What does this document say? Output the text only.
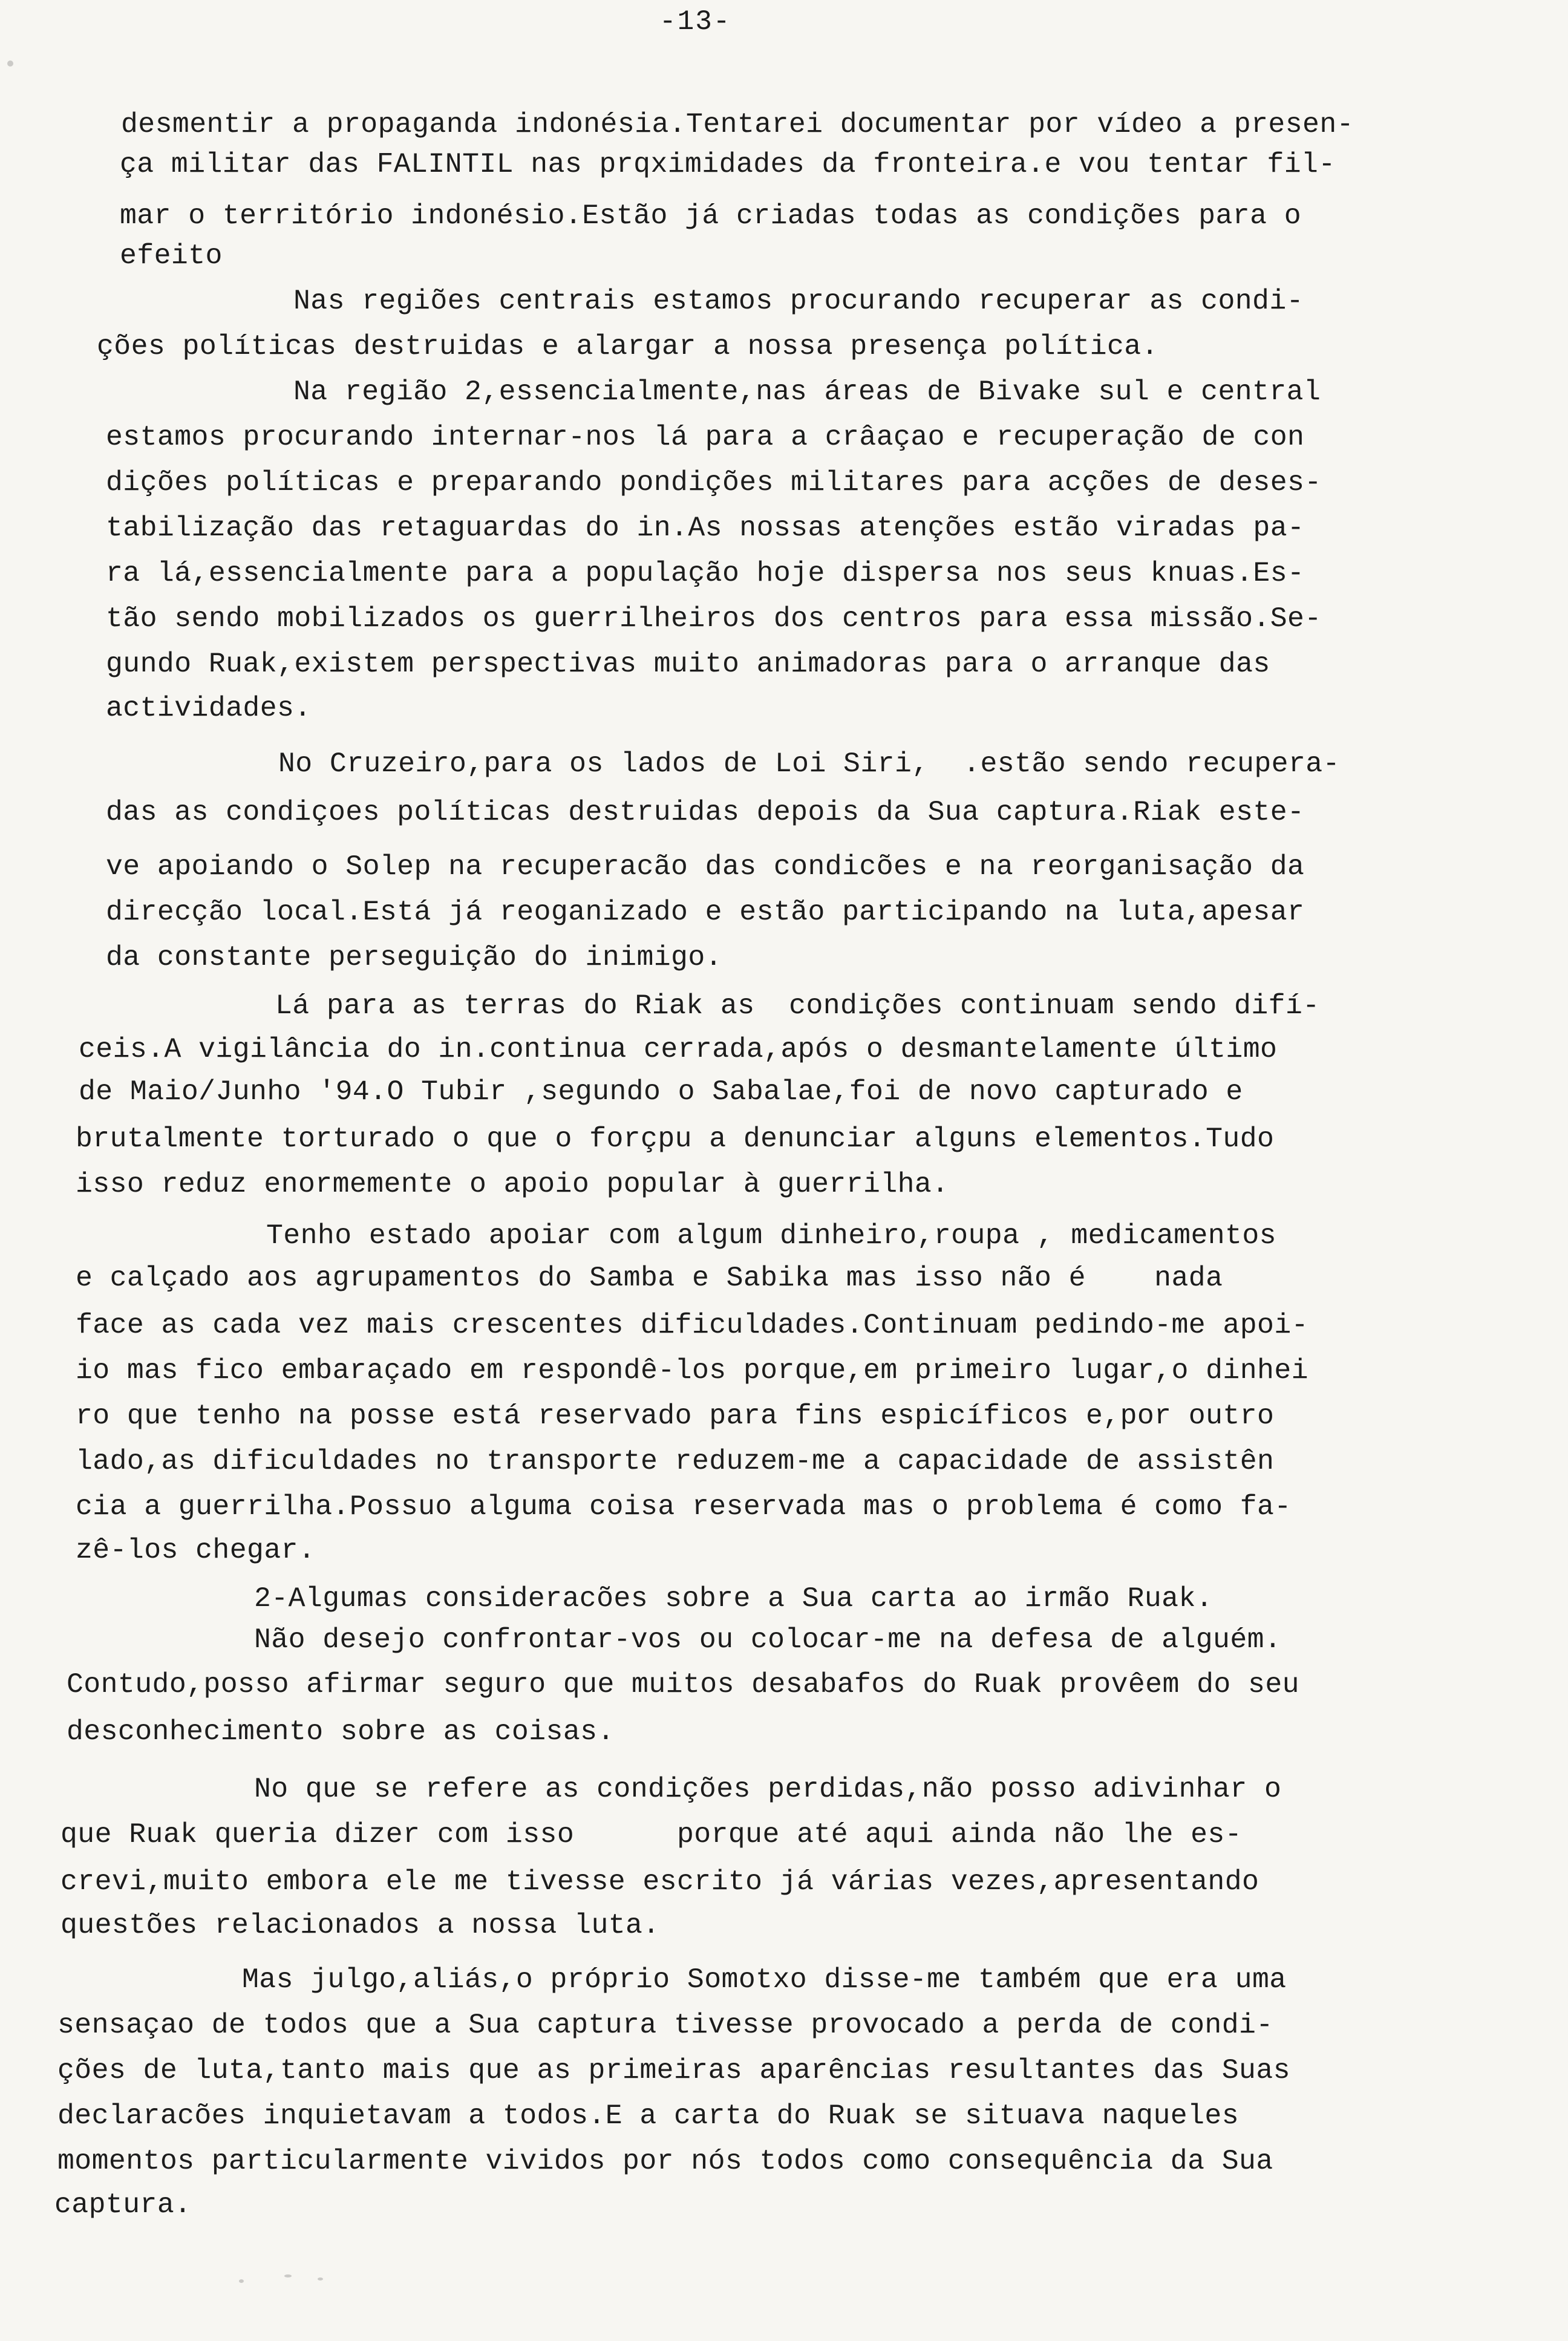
-13-
desmentir a propaganda indonésia.Tentarei documentar por vídeo a presen-
ça militar das FALINTIL nas prqximidades da fronteira.e vou tentar fil-
mar o território indonésio.Estão já criadas todas as condições para o
efeito
Nas regiões centrais estamos procurando recuperar as condi-
ções políticas destruidas e alargar a nossa presença política.
Na região 2,essencialmente,nas áreas de Bivake sul e central
estamos procurando internar-nos lá para a crâaçao e recuperação de con
dições políticas e preparando pondições militares para acções de deses-
tabilização das retaguardas do in.As nossas atenções estão viradas pa-
ra lá,essencialmente para a população hoje dispersa nos seus knuas.Es-
tão sendo mobilizados os guerrilheiros dos centros para essa missão.Se-
gundo Ruak,existem perspectivas muito animadoras para o arranque das
actividades.
No Cruzeiro,para os lados de Loi Siri,  .estão sendo recupera-
das as condiçoes políticas destruidas depois da Sua captura.Riak este-
ve apoiando o Solep na recuperacão das condicões e na reorganisação da
direcção local.Está já reoganizado e estão participando na luta,apesar
da constante perseguição do inimigo.
Lá para as terras do Riak as  condições continuam sendo difí-
ceis.A vigilância do in.continua cerrada,após o desmantelamente último
de Maio/Junho '94.O Tubir ,segundo o Sabalae,foi de novo capturado e
brutalmente torturado o que o forçpu a denunciar alguns elementos.Tudo
isso reduz enormemente o apoio popular à guerrilha.
Tenho estado apoiar com algum dinheiro,roupa , medicamentos
e calçado aos agrupamentos do Samba e Sabika mas isso não é    nada
face as cada vez mais crescentes dificuldades.Continuam pedindo-me apoi-
io mas fico embaraçado em respondê-los porque,em primeiro lugar,o dinhei
ro que tenho na posse está reservado para fins espicíficos e,por outro
lado,as dificuldades no transporte reduzem-me a capacidade de assistên
cia a guerrilha.Possuo alguma coisa reservada mas o problema é como fa-
zê-los chegar.
2-Algumas consideracões sobre a Sua carta ao irmão Ruak.
Não desejo confrontar-vos ou colocar-me na defesa de alguém.
Contudo,posso afirmar seguro que muitos desabafos do Ruak provêem do seu
desconhecimento sobre as coisas.
No que se refere as condições perdidas,não posso adivinhar o
que Ruak queria dizer com isso      porque até aqui ainda não lhe es-
crevi,muito embora ele me tivesse escrito já várias vezes,apresentando
questões relacionados a nossa luta.
Mas julgo,aliás,o próprio Somotxo disse-me também que era uma
sensaçao de todos que a Sua captura tivesse provocado a perda de condi-
ções de luta,tanto mais que as primeiras aparências resultantes das Suas
declaracões inquietavam a todos.E a carta do Ruak se situava naqueles
momentos particularmente vividos por nós todos como consequência da Sua
captura.
